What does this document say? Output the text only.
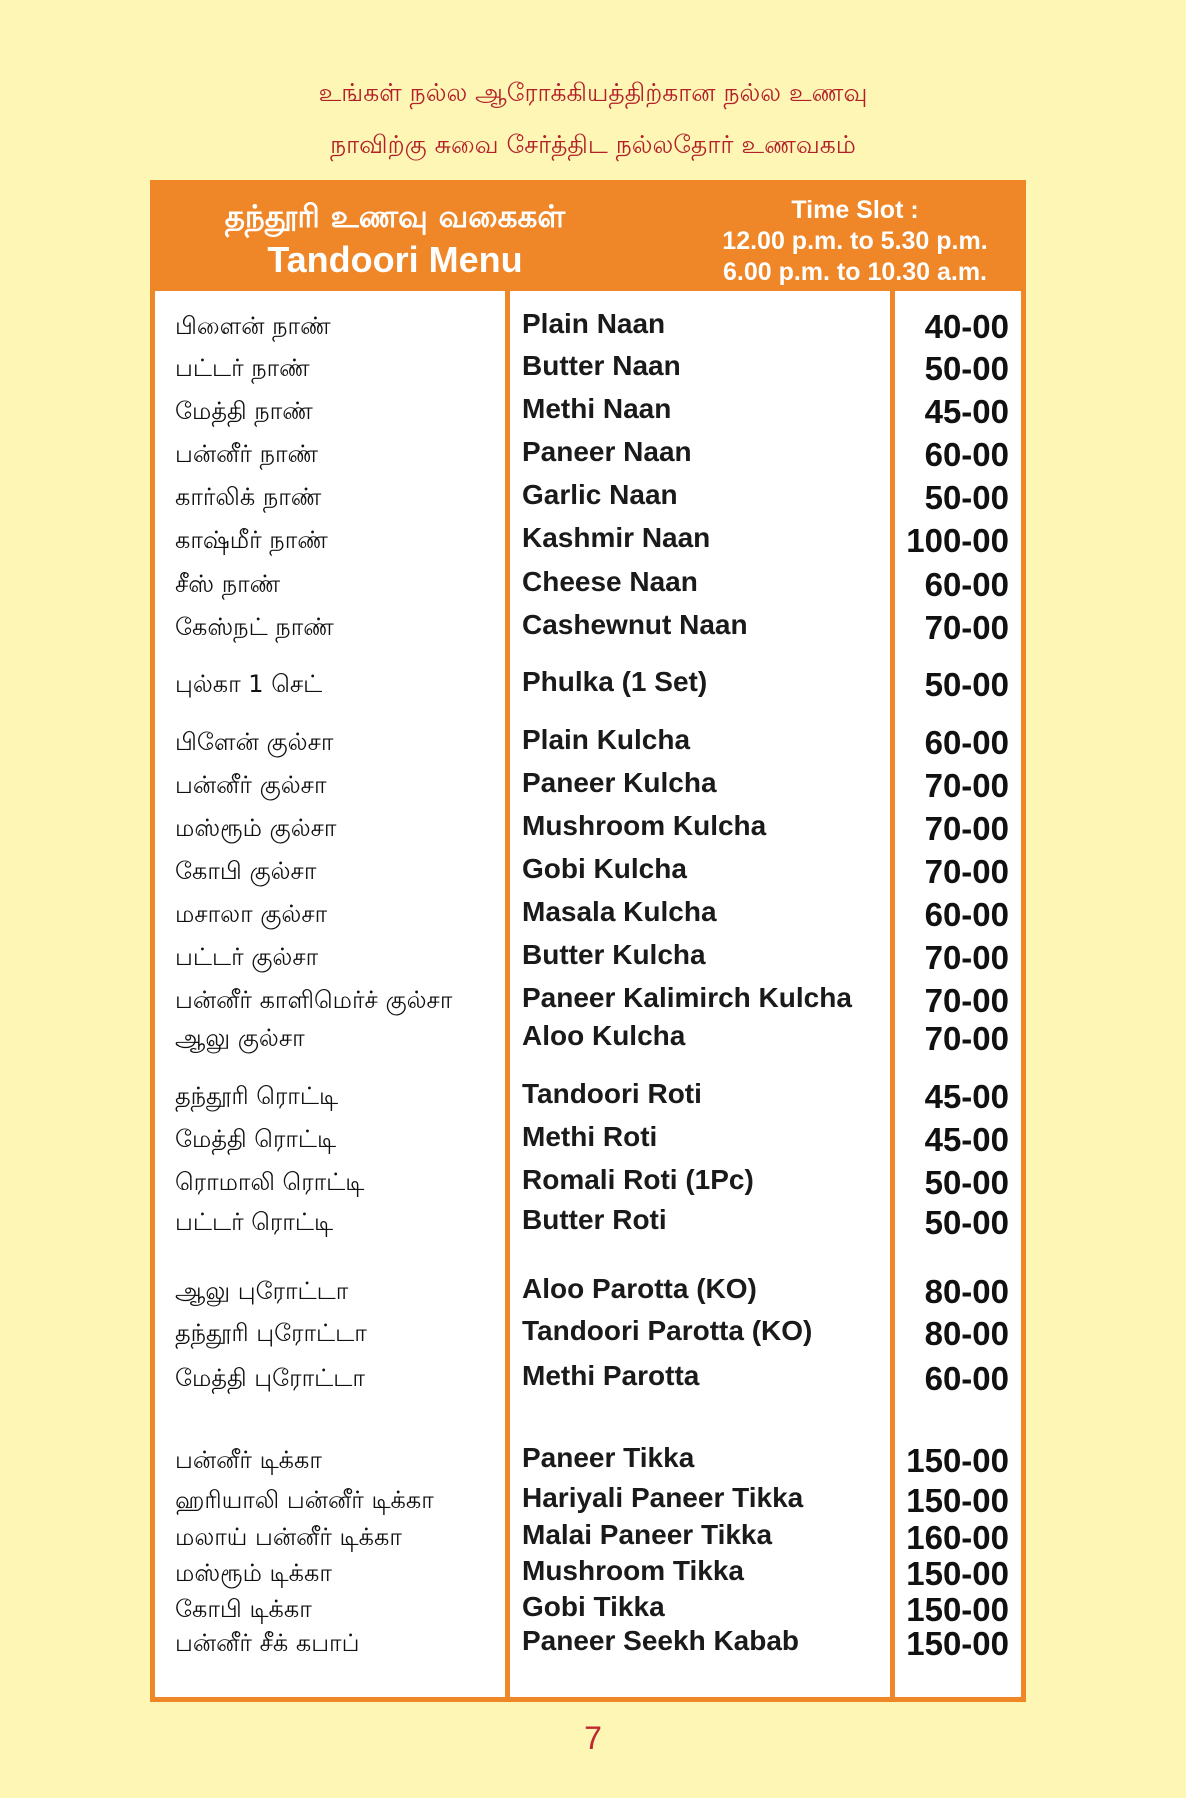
உங்கள் நல்ல ஆரோக்கியத்திற்கான நல்ல உணவு
நாவிற்கு சுவை சேர்த்திட நல்லதோர் உணவகம்
தந்தூரி உணவு வகைகள்
Tandoori Menu
Time Slot :
12.00 p.m. to 5.30 p.m.
6.00 p.m. to 10.30 a.m.
பிளைன் நாண்	Plain Naan	40-00
பட்டர் நாண்	Butter Naan	50-00
மேத்தி நாண்	Methi Naan	45-00
பன்னீர் நாண்	Paneer Naan	60-00
கார்லிக் நாண்	Garlic Naan	50-00
காஷ்மீர் நாண்	Kashmir Naan	100-00
சீஸ் நாண்	Cheese Naan	60-00
கேஸ்நட் நாண்	Cashewnut Naan	70-00
புல்கா 1 செட்	Phulka (1 Set)	50-00
பிளேன் குல்சா	Plain Kulcha	60-00
பன்னீர் குல்சா	Paneer Kulcha	70-00
மஸ்ரூம் குல்சா	Mushroom Kulcha	70-00
கோபி குல்சா	Gobi Kulcha	70-00
மசாலா குல்சா	Masala Kulcha	60-00
பட்டர் குல்சா	Butter Kulcha	70-00
பன்னீர் காளிமெர்ச் குல்சா	Paneer Kalimirch Kulcha	70-00
ஆலு குல்சா	Aloo Kulcha	70-00
தந்தூரி ரொட்டி	Tandoori Roti	45-00
மேத்தி ரொட்டி	Methi Roti	45-00
ரொமாலி ரொட்டி	Romali Roti (1Pc)	50-00
பட்டர் ரொட்டி	Butter Roti	50-00
ஆலு புரோட்டா	Aloo Parotta (KO)	80-00
தந்தூரி புரோட்டா	Tandoori Parotta (KO)	80-00
மேத்தி புரோட்டா	Methi Parotta	60-00
பன்னீர் டிக்கா	Paneer Tikka	150-00
ஹரியாலி பன்னீர் டிக்கா	Hariyali Paneer Tikka	150-00
மலாய் பன்னீர் டிக்கா	Malai Paneer Tikka	160-00
மஸ்ரூம் டிக்கா	Mushroom Tikka	150-00
கோபி டிக்கா	Gobi Tikka	150-00
பன்னீர் சீக் கபாப்	Paneer Seekh Kabab	150-00
7
